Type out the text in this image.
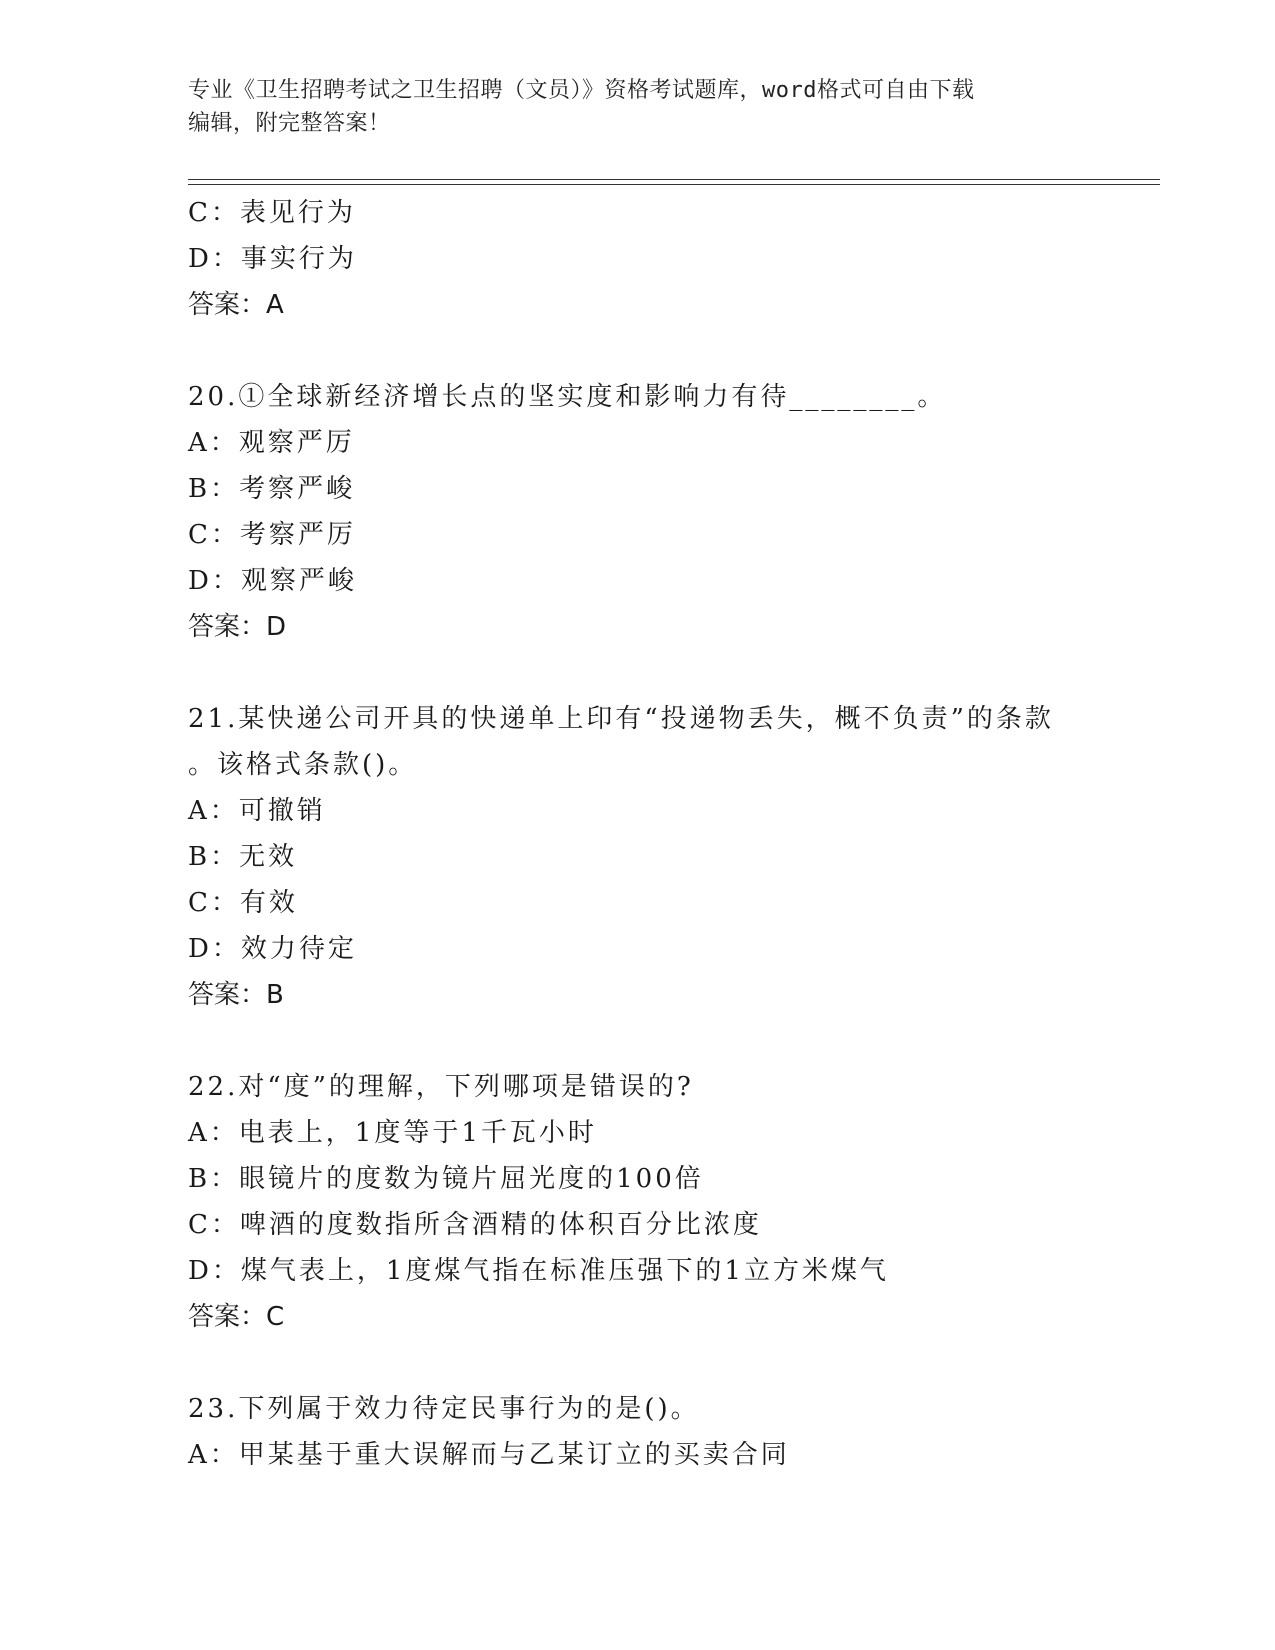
专业《卫生招聘考试之卫生招聘（文员）》资格考试题库，word格式可自由下载
编辑，附完整答案！
C：表见行为
D：事实行为
答案：A
20.①全球新经济增长点的坚实度和影响力有待________。
A：观察严厉
B：考察严峻
C：考察严厉
D：观察严峻
答案：D
21.某快递公司开具的快递单上印有“投递物丢失，概不负责”的条款
。该格式条款()。
A：可撤销
B：无效
C：有效
D：效力待定
答案：B
22.对“度”的理解，下列哪项是错误的?
A：电表上，1度等于1千瓦小时
B：眼镜片的度数为镜片屈光度的100倍
C：啤酒的度数指所含酒精的体积百分比浓度
D：煤气表上，1度煤气指在标准压强下的1立方米煤气
答案：C
23.下列属于效力待定民事行为的是()。
A：甲某基于重大误解而与乙某订立的买卖合同
